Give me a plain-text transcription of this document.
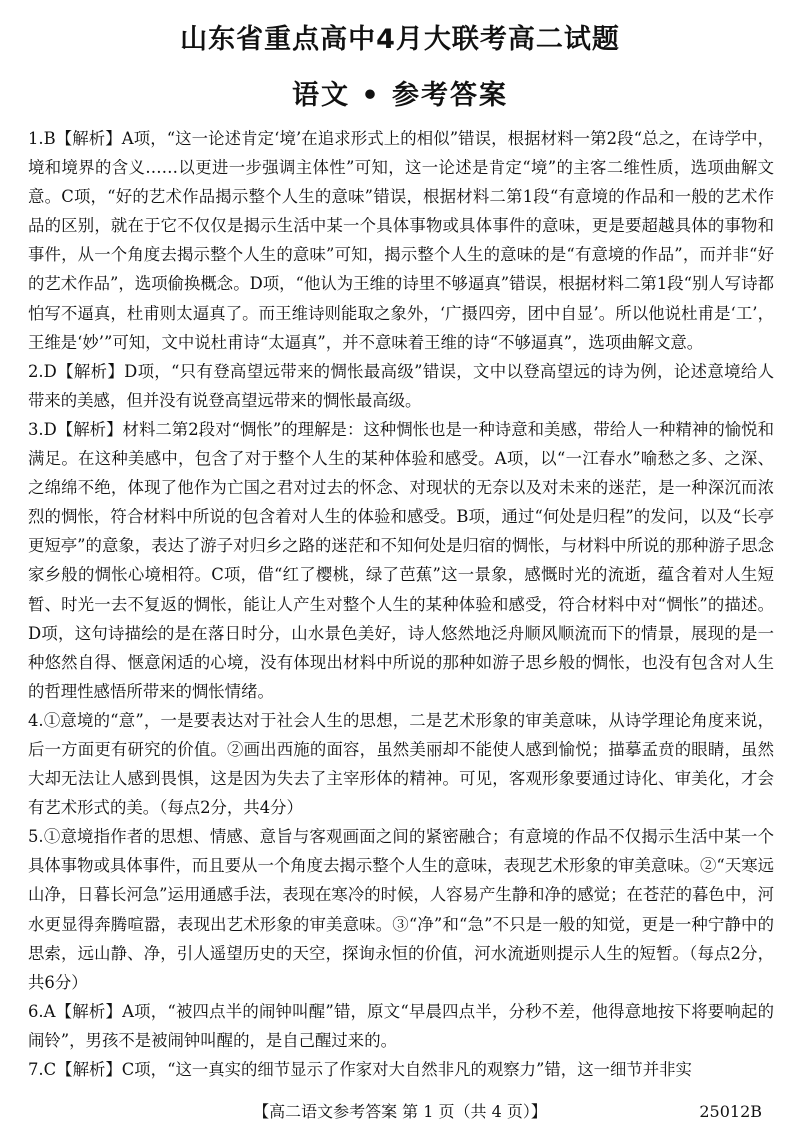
山东省重点高中4月大联考高二试题
语文 • 参考答案

1.B【解析】A项，“这一论述肯定‘境’在追求形式上的相似”错误，根据材料一第2段“总之，在诗学中，境和境界的含义……以更进一步强调主体性”可知，这一论述是肯定“境”的主客二维性质，选项曲解文意。C项，“好的艺术作品揭示整个人生的意味”错误，根据材料二第1段“有意境的作品和一般的艺术作品的区别，就在于它不仅仅是揭示生活中某一个具体事物或具体事件的意味，更是要超越具体的事物和事件，从一个角度去揭示整个人生的意味”可知，揭示整个人生的意味的是“有意境的作品”，而并非“好的艺术作品”，选项偷换概念。D项，“他认为王维的诗里不够逼真”错误，根据材料二第1段“别人写诗都怕写不逼真，杜甫则太逼真了。而王维诗则能取之象外，‘广摄四旁，团中自显’。所以他说杜甫是‘工’，王维是‘妙’”可知，文中说杜甫诗“太逼真”，并不意味着王维的诗“不够逼真”，选项曲解文意。

2.D【解析】D项，“只有登高望远带来的惆怅最高级”错误，文中以登高望远的诗为例，论述意境给人带来的美感，但并没有说登高望远带来的惆怅最高级。

3.D【解析】材料二第2段对“惆怅”的理解是：这种惆怅也是一种诗意和美感，带给人一种精神的愉悦和满足。在这种美感中，包含了对于整个人生的某种体验和感受。A项，以“一江春水”喻愁之多、之深、之绵绵不绝，体现了他作为亡国之君对过去的怀念、对现状的无奈以及对未来的迷茫，是一种深沉而浓烈的惆怅，符合材料中所说的包含着对人生的体验和感受。B项，通过“何处是归程”的发问，以及“长亭更短亭”的意象，表达了游子对归乡之路的迷茫和不知何处是归宿的惆怅，与材料中所说的那种游子思念家乡般的惆怅心境相符。C项，借“红了樱桃，绿了芭蕉”这一景象，感慨时光的流逝，蕴含着对人生短暂、时光一去不复返的惆怅，能让人产生对整个人生的某种体验和感受，符合材料中对“惆怅”的描述。D项，这句诗描绘的是在落日时分，山水景色美好，诗人悠然地泛舟顺风顺流而下的情景，展现的是一种悠然自得、惬意闲适的心境，没有体现出材料中所说的那种如游子思乡般的惆怅，也没有包含对人生的哲理性感悟所带来的惆怅情绪。

4.①意境的“意”，一是要表达对于社会人生的思想，二是艺术形象的审美意味，从诗学理论角度来说，后一方面更有研究的价值。②画出西施的面容，虽然美丽却不能使人感到愉悦；描摹孟贲的眼睛，虽然大却无法让人感到畏惧，这是因为失去了主宰形体的精神。可见，客观形象要通过诗化、审美化，才会有艺术形式的美。（每点2分，共4分）

5.①意境指作者的思想、情感、意旨与客观画面之间的紧密融合；有意境的作品不仅揭示生活中某一个具体事物或具体事件，而且要从一个角度去揭示整个人生的意味，表现艺术形象的审美意味。②“天寒远山净，日暮长河急”运用通感手法，表现在寒冷的时候，人容易产生静和净的感觉；在苍茫的暮色中，河水更显得奔腾喧嚣，表现出艺术形象的审美意味。③“净”和“急”不只是一般的知觉，更是一种宁静中的思索，远山静、净，引人遥望历史的天空，探询永恒的价值，河水流逝则提示人生的短暂。（每点2分，共6分）

6.A【解析】A项，“被四点半的闹钟叫醒”错，原文“早晨四点半，分秒不差，他得意地按下将要响起的闹铃”，男孩不是被闹钟叫醒的，是自己醒过来的。

7.C【解析】C项，“这一真实的细节显示了作家对大自然非凡的观察力”错，这一细节并非实

【高二语文参考答案 第 1 页（共 4 页）】	25012B
